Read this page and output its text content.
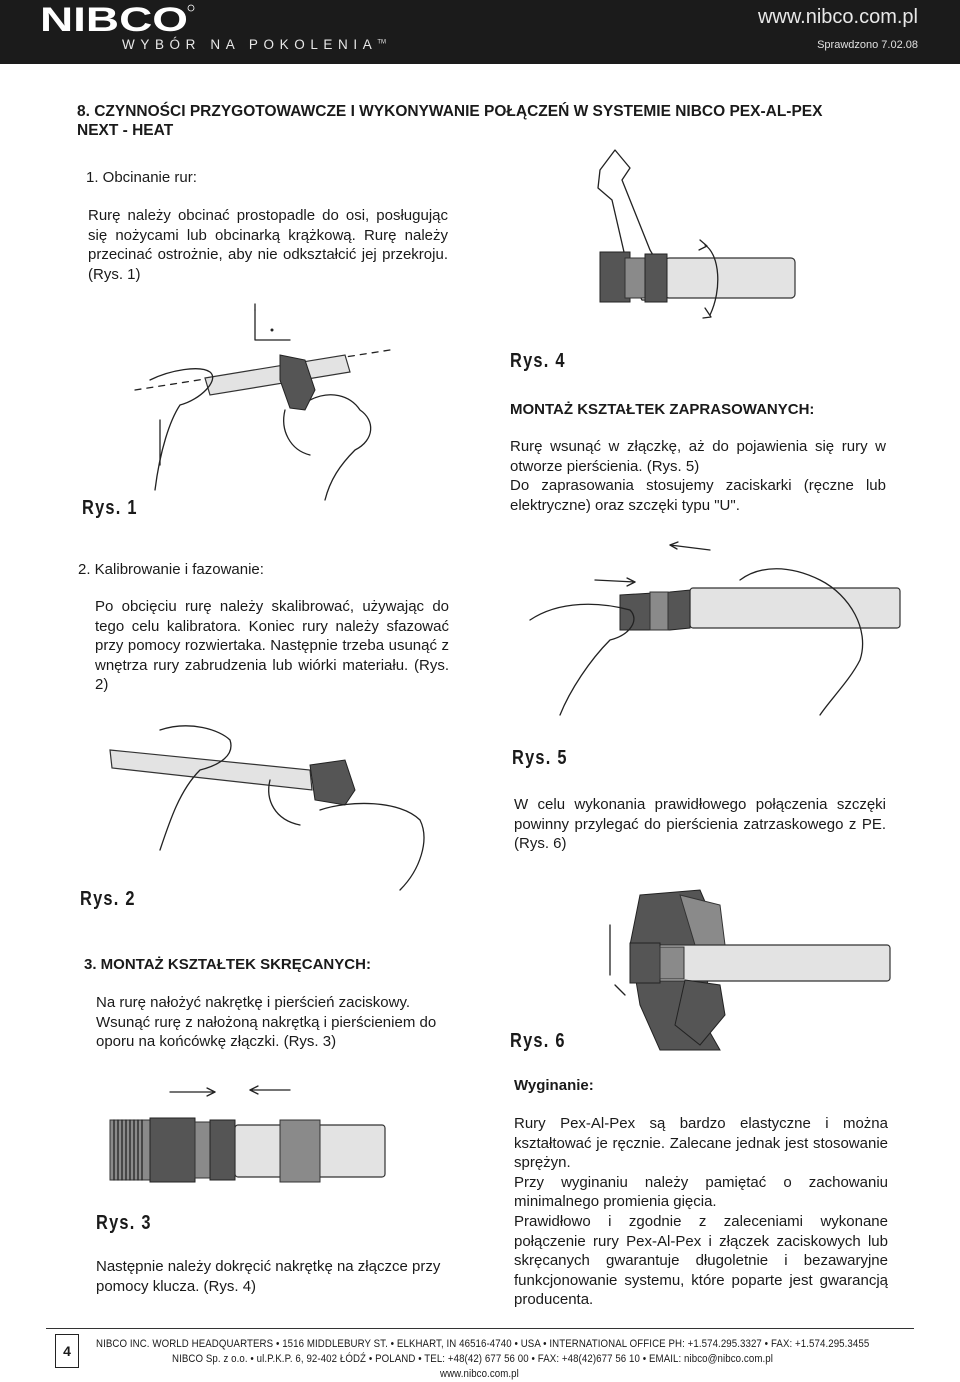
NIBCO
WYBÓR NA POKOLENIA™
www.nibco.com.pl
Sprawdzono 7.02.08
8. CZYNNOŚCI PRZYGOTOWAWCZE I WYKONYWANIE POŁĄCZEŃ W SYSTEMIE NIBCO PEX-AL-PEX
NEXT - HEAT
1. Obcinanie rur:
Rurę należy obcinać prostopadle do osi, posługując się nożycami lub obcinarką krążkową. Rurę należy przecinać ostrożnie, aby nie odkształcić jej przekroju. (Rys. 1)
Rys. 4
Rys. 1
MONTAŻ KSZTAŁTEK ZAPRASOWANYCH:
Rurę wsunąć w złączkę, aż do pojawienia się rury w otworze pierścienia. (Rys. 5)
Do zaprasowania stosujemy zaciskarki (ręczne lub elektryczne) oraz szczęki typu "U".
2. Kalibrowanie i fazowanie:
Po obcięciu rurę należy skalibrować, używając do tego celu kalibratora. Koniec rury należy sfazować przy pomocy rozwiertaka. Następnie trzeba usunąć z wnętrza rury zabrudzenia lub wiórki materiału. (Rys. 2)
Rys. 5
W celu wykonania prawidłowego połączenia szczęki powinny przylegać do pierścienia zatrzaskowego z PE. (Rys. 6)
Rys. 2
3. MONTAŻ KSZTAŁTEK SKRĘCANYCH:
Na rurę nałożyć nakrętkę i pierścień zaciskowy. Wsunąć rurę z nałożoną nakrętką i pierścieniem do oporu na końcówkę złączki. (Rys. 3)	Rys. 6
Wyginanie:
Rury Pex-Al-Pex są bardzo elastyczne i można kształtować je ręcznie. Zalecane jednak jest stosowanie sprężyn.
Przy wyginaniu należy pamiętać o zachowaniu minimalnego promienia gięcia.
Prawidłowo i zgodnie z zaleceniami wykonane połączenie rury Pex-Al-Pex i złączek zaciskowych lub skręcanych gwarantuje długoletnie i bezawaryjne funkcjonowanie systemu, które poparte jest gwarancją producenta.
Rys. 3
Następnie należy dokręcić nakrętkę na złączce przy pomocy klucza. (Rys. 4)
4	NIBCO INC. WORLD HEADQUARTERS • 1516 MIDDLEBURY ST. • ELKHART, IN 46516-4740 • USA • INTERNATIONAL OFFICE PH: +1.574.295.3327 • FAX: +1.574.295.3455
NIBCO Sp. z o.o. • ul.P.K.P. 6, 92-402 ŁÓDŹ • POLAND • TEL: +48(42) 677 56 00 • FAX: +48(42)677 56 10 • EMAIL: nibco@nibco.com.pl
www.nibco.com.pl
